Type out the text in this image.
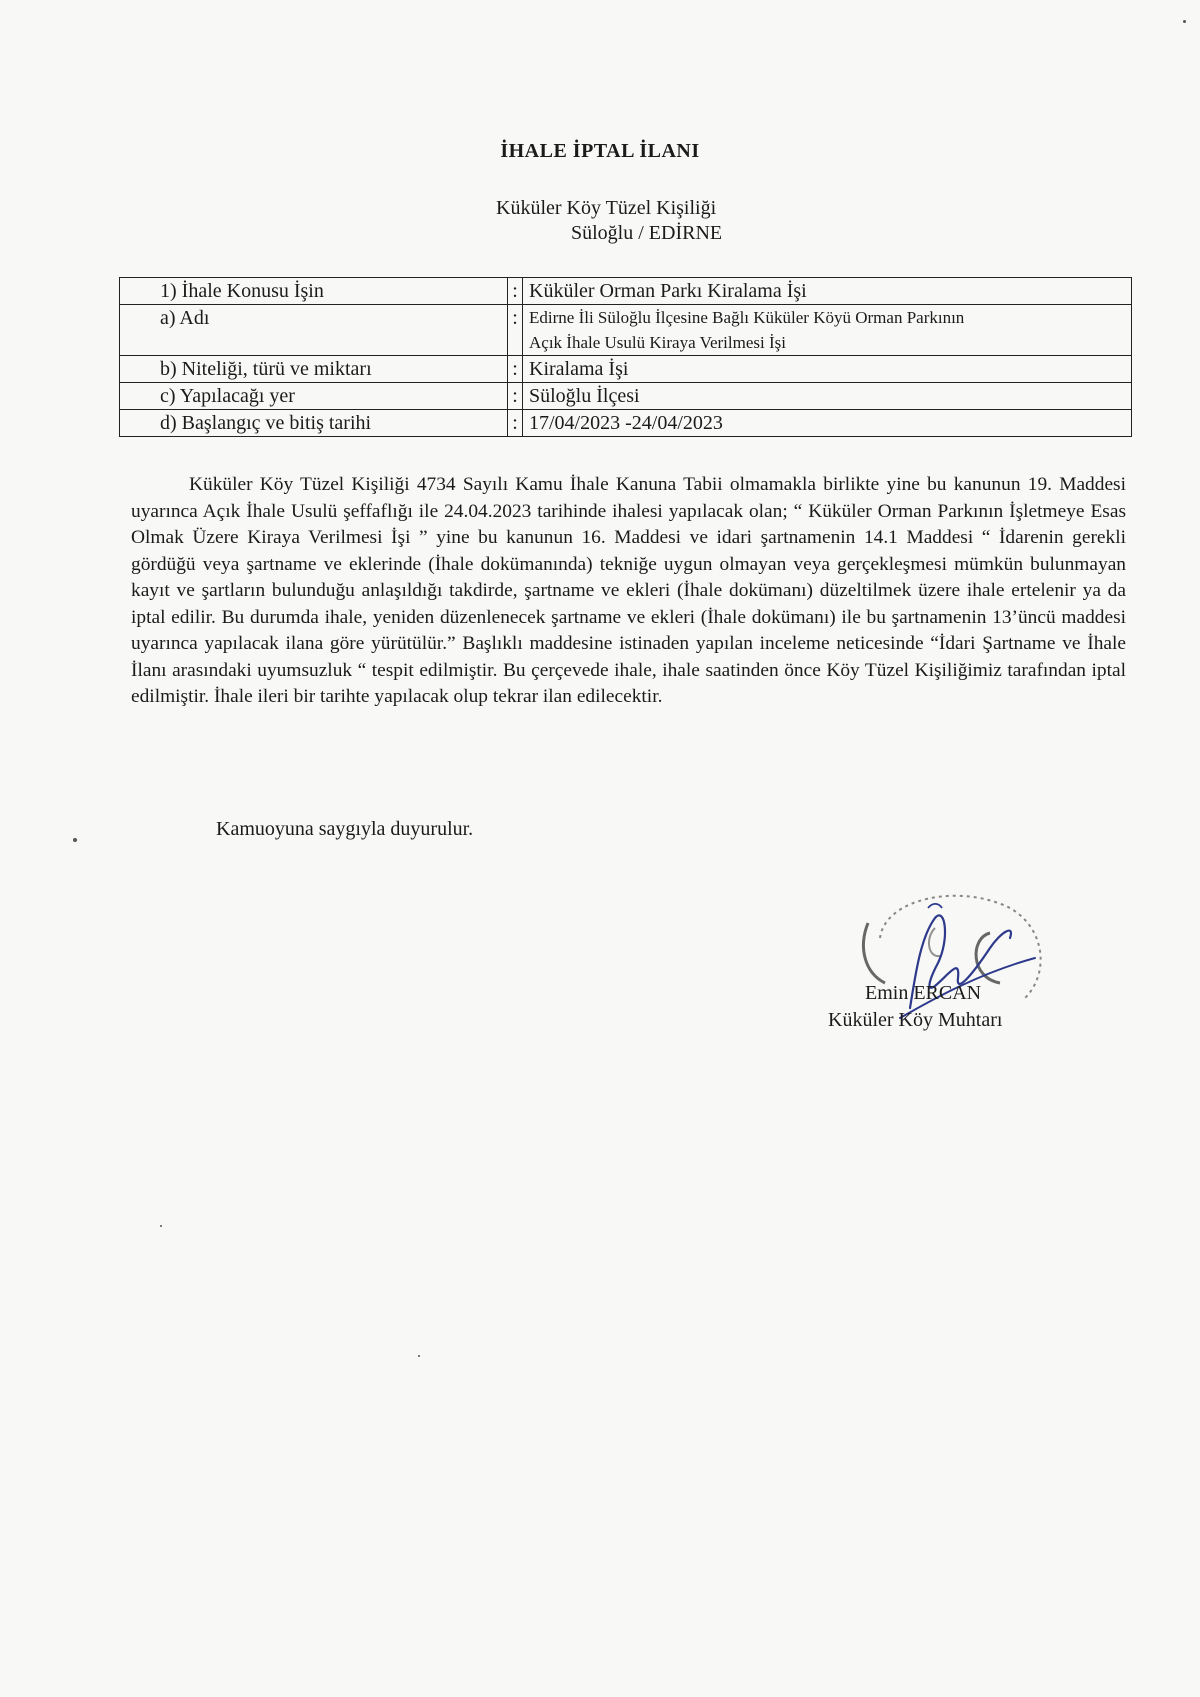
İHALE İPTAL İLANI
Küküler Köy Tüzel Kişiliği
Süloğlu / EDİRNE
1) İhale Konusu İşin	:	Küküler Orman Parkı Kiralama İşi
a) Adı	:	Edirne İli Süloğlu İlçesine Bağlı Küküler Köyü Orman Parkının
Açık İhale Usulü Kiraya Verilmesi İşi

b) Niteliği, türü ve miktarı	:	Kiralama İşi
c) Yapılacağı yer	:	Süloğlu İlçesi
d) Başlangıç ve bitiş tarihi	:	17/04/2023 -24/04/2023

Küküler Köy Tüzel Kişiliği 4734 Sayılı Kamu İhale Kanuna Tabii olmamakla birlikte yine bu kanunun 19. Maddesi uyarınca Açık İhale Usulü şeffaflığı ile 24.04.2023 tarihinde ihalesi yapılacak olan; “ Küküler Orman Parkının İşletmeye Esas Olmak Üzere Kiraya Verilmesi İşi ” yine bu kanunun 16. Maddesi ve idari şartnamenin 14.1 Maddesi “ İdarenin gerekli gördüğü veya şartname ve eklerinde (İhale dokümanında) tekniğe uygun olmayan veya gerçekleşmesi mümkün bulunmayan kayıt ve şartların bulunduğu anlaşıldığı takdirde, şartname ve ekleri (İhale dokümanı) düzeltilmek üzere ihale ertelenir ya da iptal edilir. Bu durumda ihale, yeniden düzenlenecek şartname ve ekleri (İhale dokümanı) ile bu şartnamenin 13’üncü maddesi uyarınca yapılacak ilana göre yürütülür.” Başlıklı maddesine istinaden yapılan inceleme neticesinde “İdari Şartname ve İhale İlanı arasındaki uyumsuzluk “ tespit edilmiştir. Bu çerçevede ihale, ihale saatinden önce Köy Tüzel Kişiliğimiz tarafından iptal edilmiştir. İhale ileri bir tarihte yapılacak olup tekrar ilan edilecektir.

Kamuoyuna saygıyla duyurulur.
Emin ERCAN
Küküler Köy Muhtarı
